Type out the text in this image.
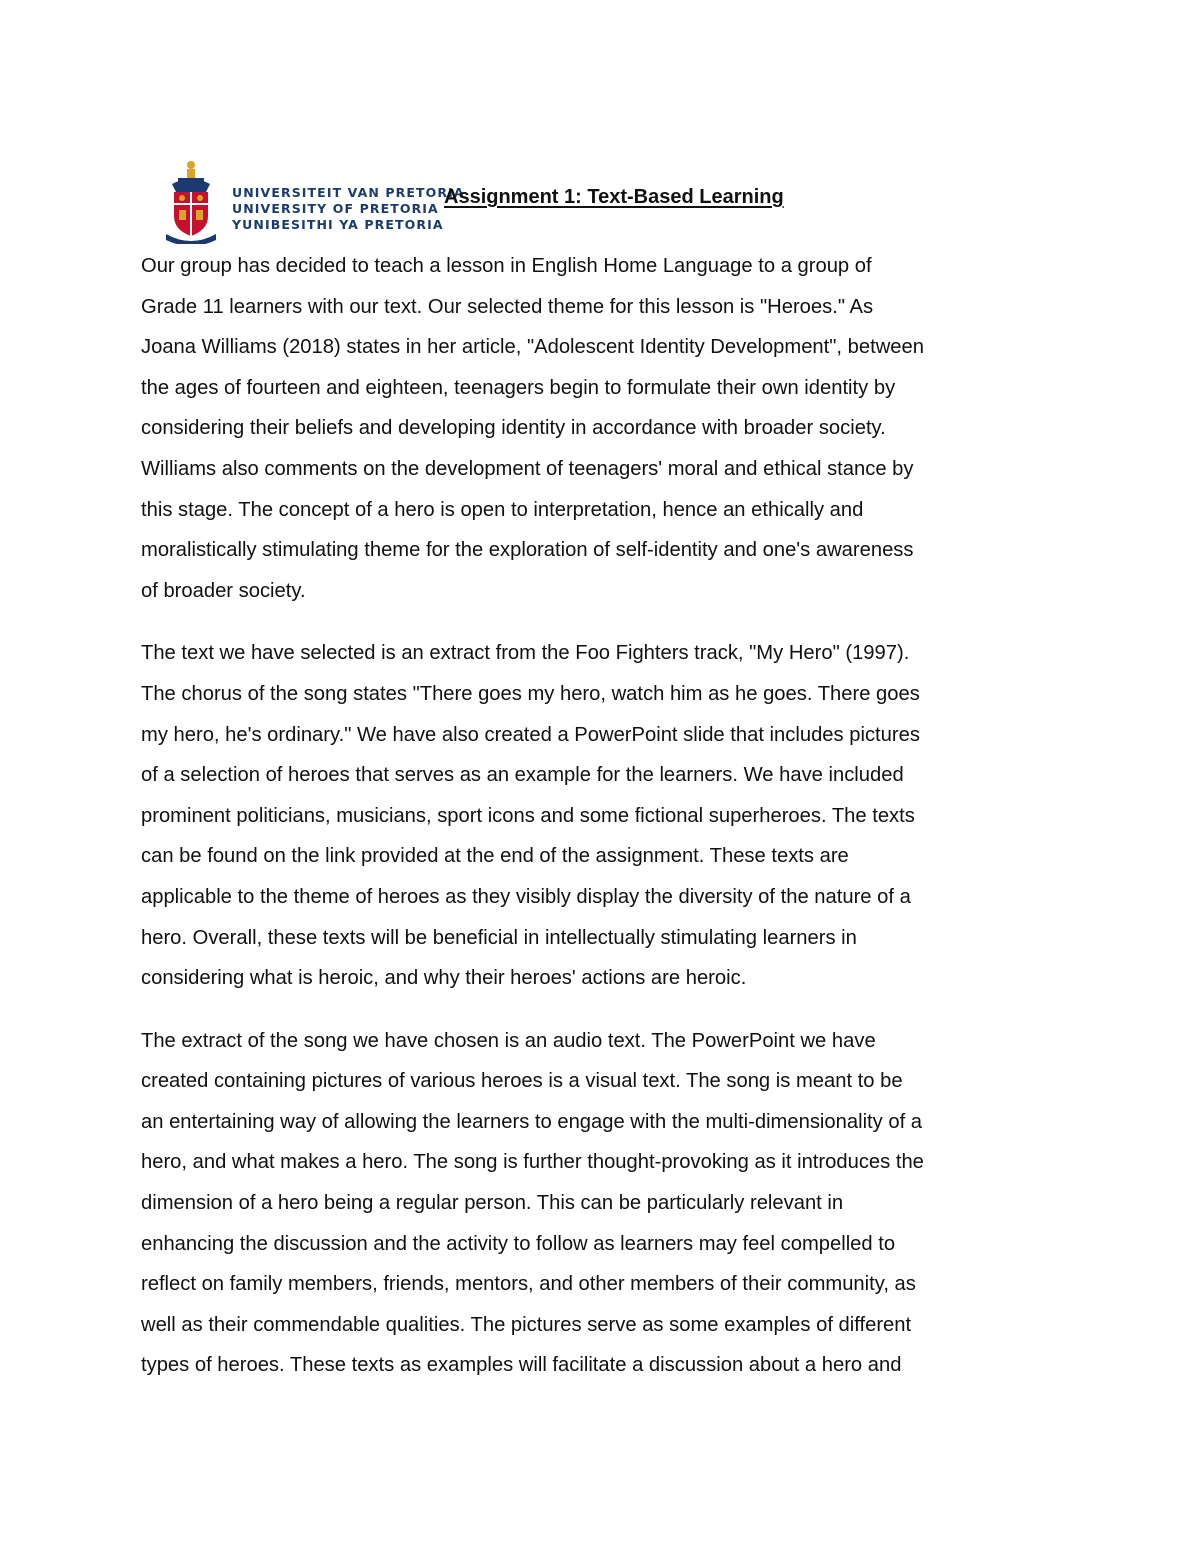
UNIVERSITEIT VAN PRETORIA
UNIVERSITY OF PRETORIA
YUNIBESITHI YA PRETORIA
Assignment 1: Text-Based Learning
Our group has decided to teach a lesson in English Home Language to a group of
Grade 11 learners with our text. Our selected theme for this lesson is "Heroes." As
Joana Williams (2018) states in her article, "Adolescent Identity Development", between
the ages of fourteen and eighteen, teenagers begin to formulate their own identity by
considering their beliefs and developing identity in accordance with broader society.
Williams also comments on the development of teenagers' moral and ethical stance by
this stage. The concept of a hero is open to interpretation, hence an ethically and
moralistically stimulating theme for the exploration of self-identity and one's awareness
of broader society.
The text we have selected is an extract from the Foo Fighters track, "My Hero" (1997).
The chorus of the song states "There goes my hero, watch him as he goes. There goes
my hero, he's ordinary." We have also created a PowerPoint slide that includes pictures
of a selection of heroes that serves as an example for the learners. We have included
prominent politicians, musicians, sport icons and some fictional superheroes. The texts
can be found on the link provided at the end of the assignment. These texts are
applicable to the theme of heroes as they visibly display the diversity of the nature of a
hero. Overall, these texts will be beneficial in intellectually stimulating learners in
considering what is heroic, and why their heroes' actions are heroic.
The extract of the song we have chosen is an audio text. The PowerPoint we have
created containing pictures of various heroes is a visual text. The song is meant to be
an entertaining way of allowing the learners to engage with the multi-dimensionality of a
hero, and what makes a hero. The song is further thought-provoking as it introduces the
dimension of a hero being a regular person. This can be particularly relevant in
enhancing the discussion and the activity to follow as learners may feel compelled to
reflect on family members, friends, mentors, and other members of their community, as
well as their commendable qualities. The pictures serve as some examples of different
types of heroes. These texts as examples will facilitate a discussion about a hero and
